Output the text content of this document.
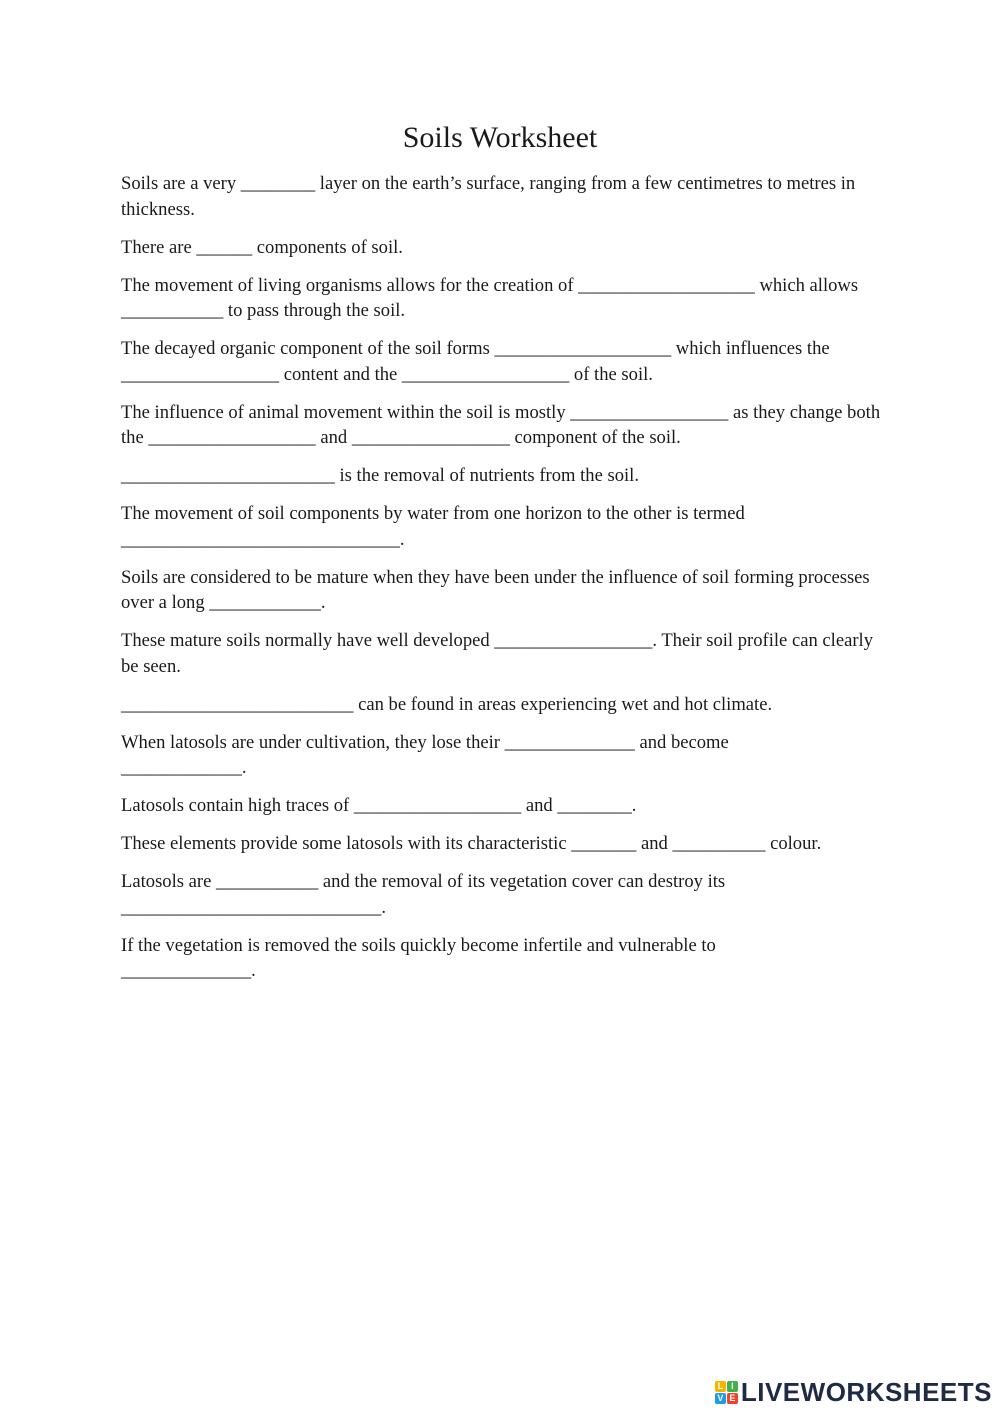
Soils Worksheet

Soils are a very ________ layer on the earth’s surface, ranging from a few centimetres to metres in thickness.

There are ______ components of soil.

The movement of living organisms allows for the creation of ___________________ which allows ___________ to pass through the soil.

The decayed organic component of the soil forms ___________________ which influences the _________________ content and the __________________ of the soil.

The influence of animal movement within the soil is mostly _________________ as they change both the __________________ and _________________ component of the soil.

_______________________ is the removal of nutrients from the soil.

The movement of soil components by water from one horizon to the other is termed
______________________________.

Soils are considered to be mature when they have been under the influence of soil forming processes over a long ____________.

These mature soils normally have well developed _________________. Their soil profile can clearly be seen.

_________________________ can be found in areas experiencing wet and hot climate.

When latosols are under cultivation, they lose their ______________ and become
_____________.

Latosols contain high traces of __________________ and ________.

These elements provide some latosols with its characteristic _______ and __________ colour.

Latosols are ___________ and the removal of its vegetation cover can destroy its
____________________________.

If the vegetation is removed the soils quickly become infertile and vulnerable to
______________.

L I
V E LIVEWORKSHEETS
